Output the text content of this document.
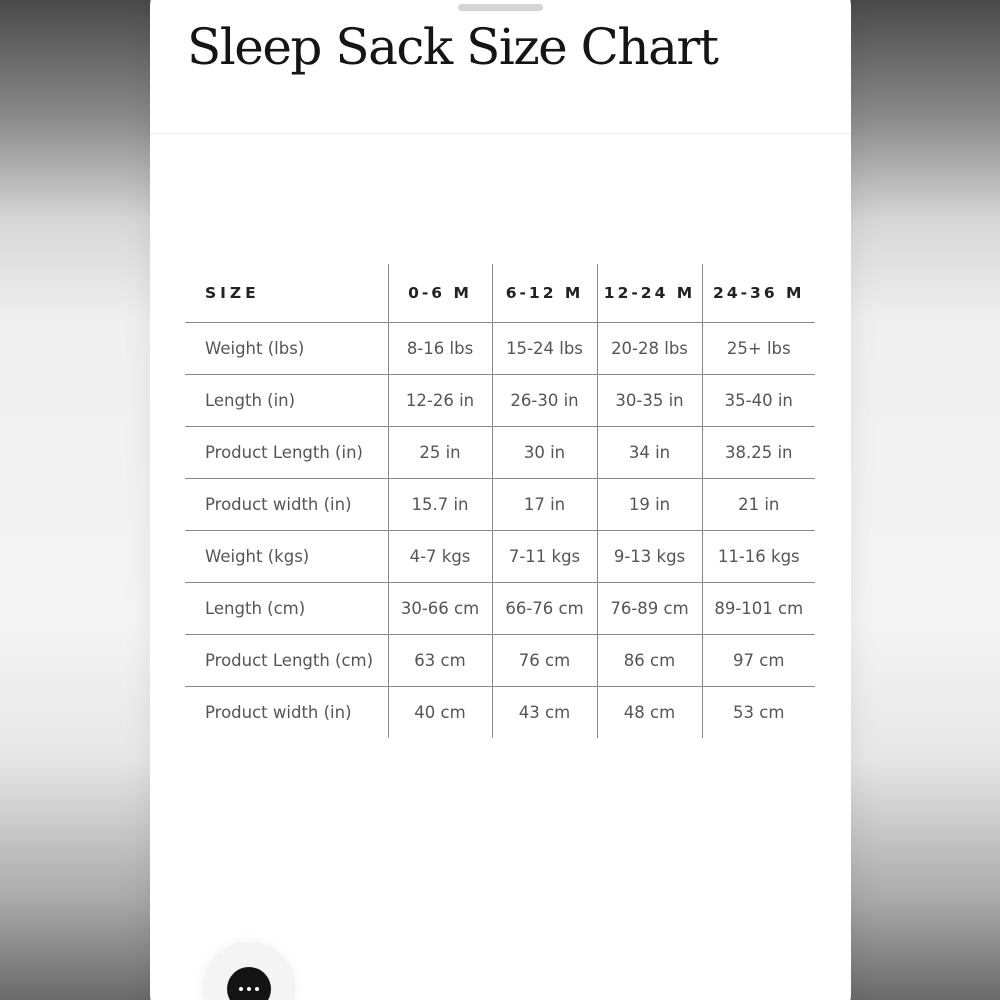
Sleep Sack Size Chart
SIZE	0-6 M	6-12 M	12-24 M	24-36 M
Weight (lbs)	8-16 lbs	15-24 lbs	20-28 lbs	25+ lbs
Length (in)	12-26 in	26-30 in	30-35 in	35-40 in
Product Length (in)	25 in	30 in	34 in	38.25 in
Product width (in)	15.7 in	17 in	19 in	21 in
Weight (kgs)	4-7 kgs	7-11 kgs	9-13 kgs	11-16 kgs
Length (cm)	30-66 cm	66-76 cm	76-89 cm	89-101 cm
Product Length (cm)	63 cm	76 cm	86 cm	97 cm
Product width (in)	40 cm	43 cm	48 cm	53 cm
